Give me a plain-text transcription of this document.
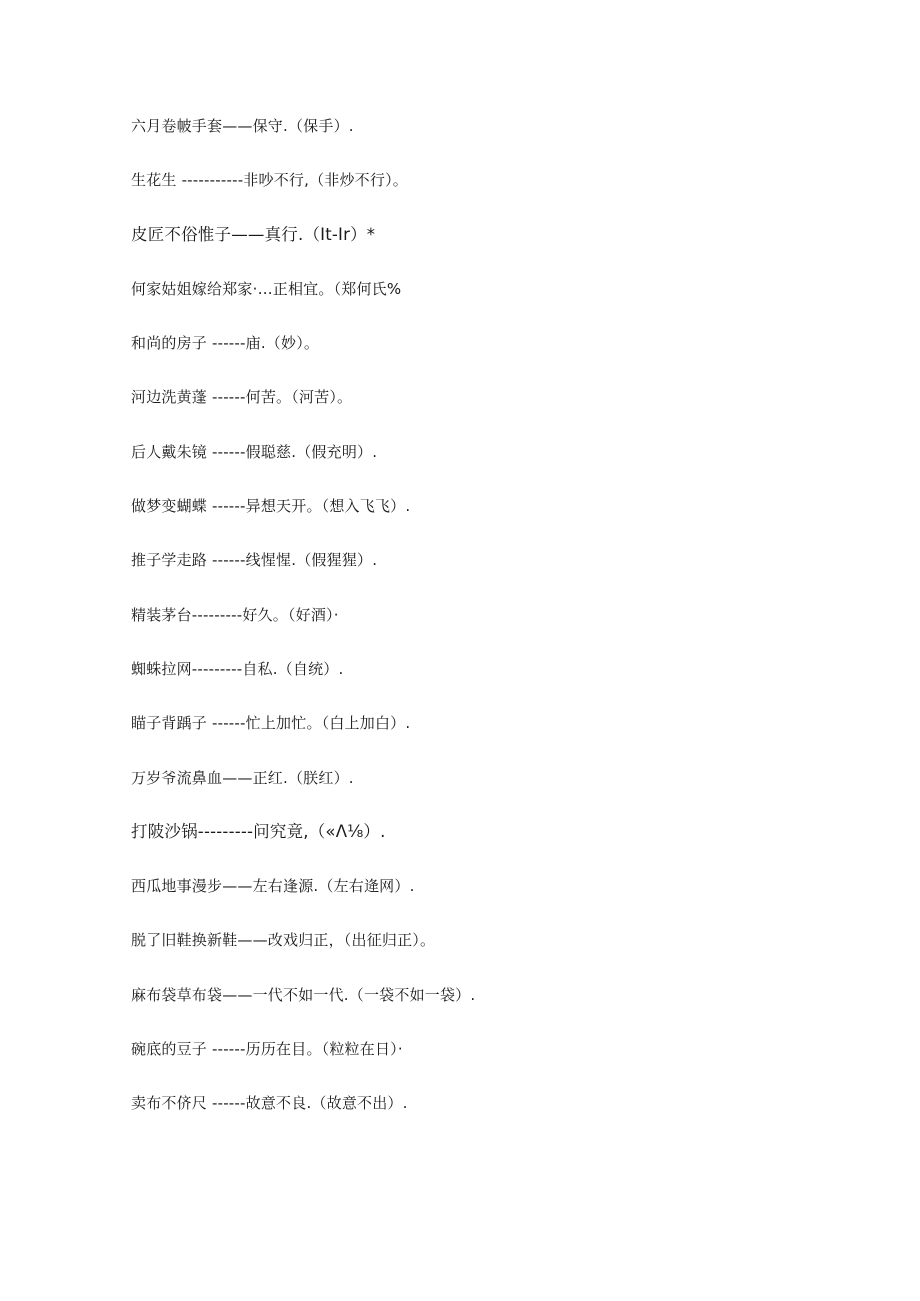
六月卷帔手套——保守.（保手）.
生花生 -----------非吵不行,（非炒不行）。
皮匠不俗惟子——真行.（It-Ir）*
何家姑姐嫁给郑家·…正相宜。（郑何氏%
和尚的房子 ------庙.（妙）。
河边洗黄蓬 ------何苦。（河苦）。
后人戴朱镜 ------假聪慈.（假充明）.
做梦变蝴蝶 ------异想天开。（想入飞飞）.
推子学走路 ------线惺惺.（假猩猩）.
精装茅台---------好久。（好酒）·
蜘蛛拉网---------自私.（自统）.
瞄子背踽子 ------忙上加忙。（白上加白）.
万岁爷流鼻血——正红.（朕红）.
打陂沙锅---------问究竟,（«Λ⅛）.
西瓜地事漫步——左右逢源.（左右逄网）.
脱了旧鞋换新鞋——改戏归正，（出征归正）。
麻布袋草布袋——一代不如一代.（一袋不如一袋）.
碗底的豆子 ------历历在目。（粒粒在日）·
卖布不侪尺 ------故意不良.（故意不出）.
